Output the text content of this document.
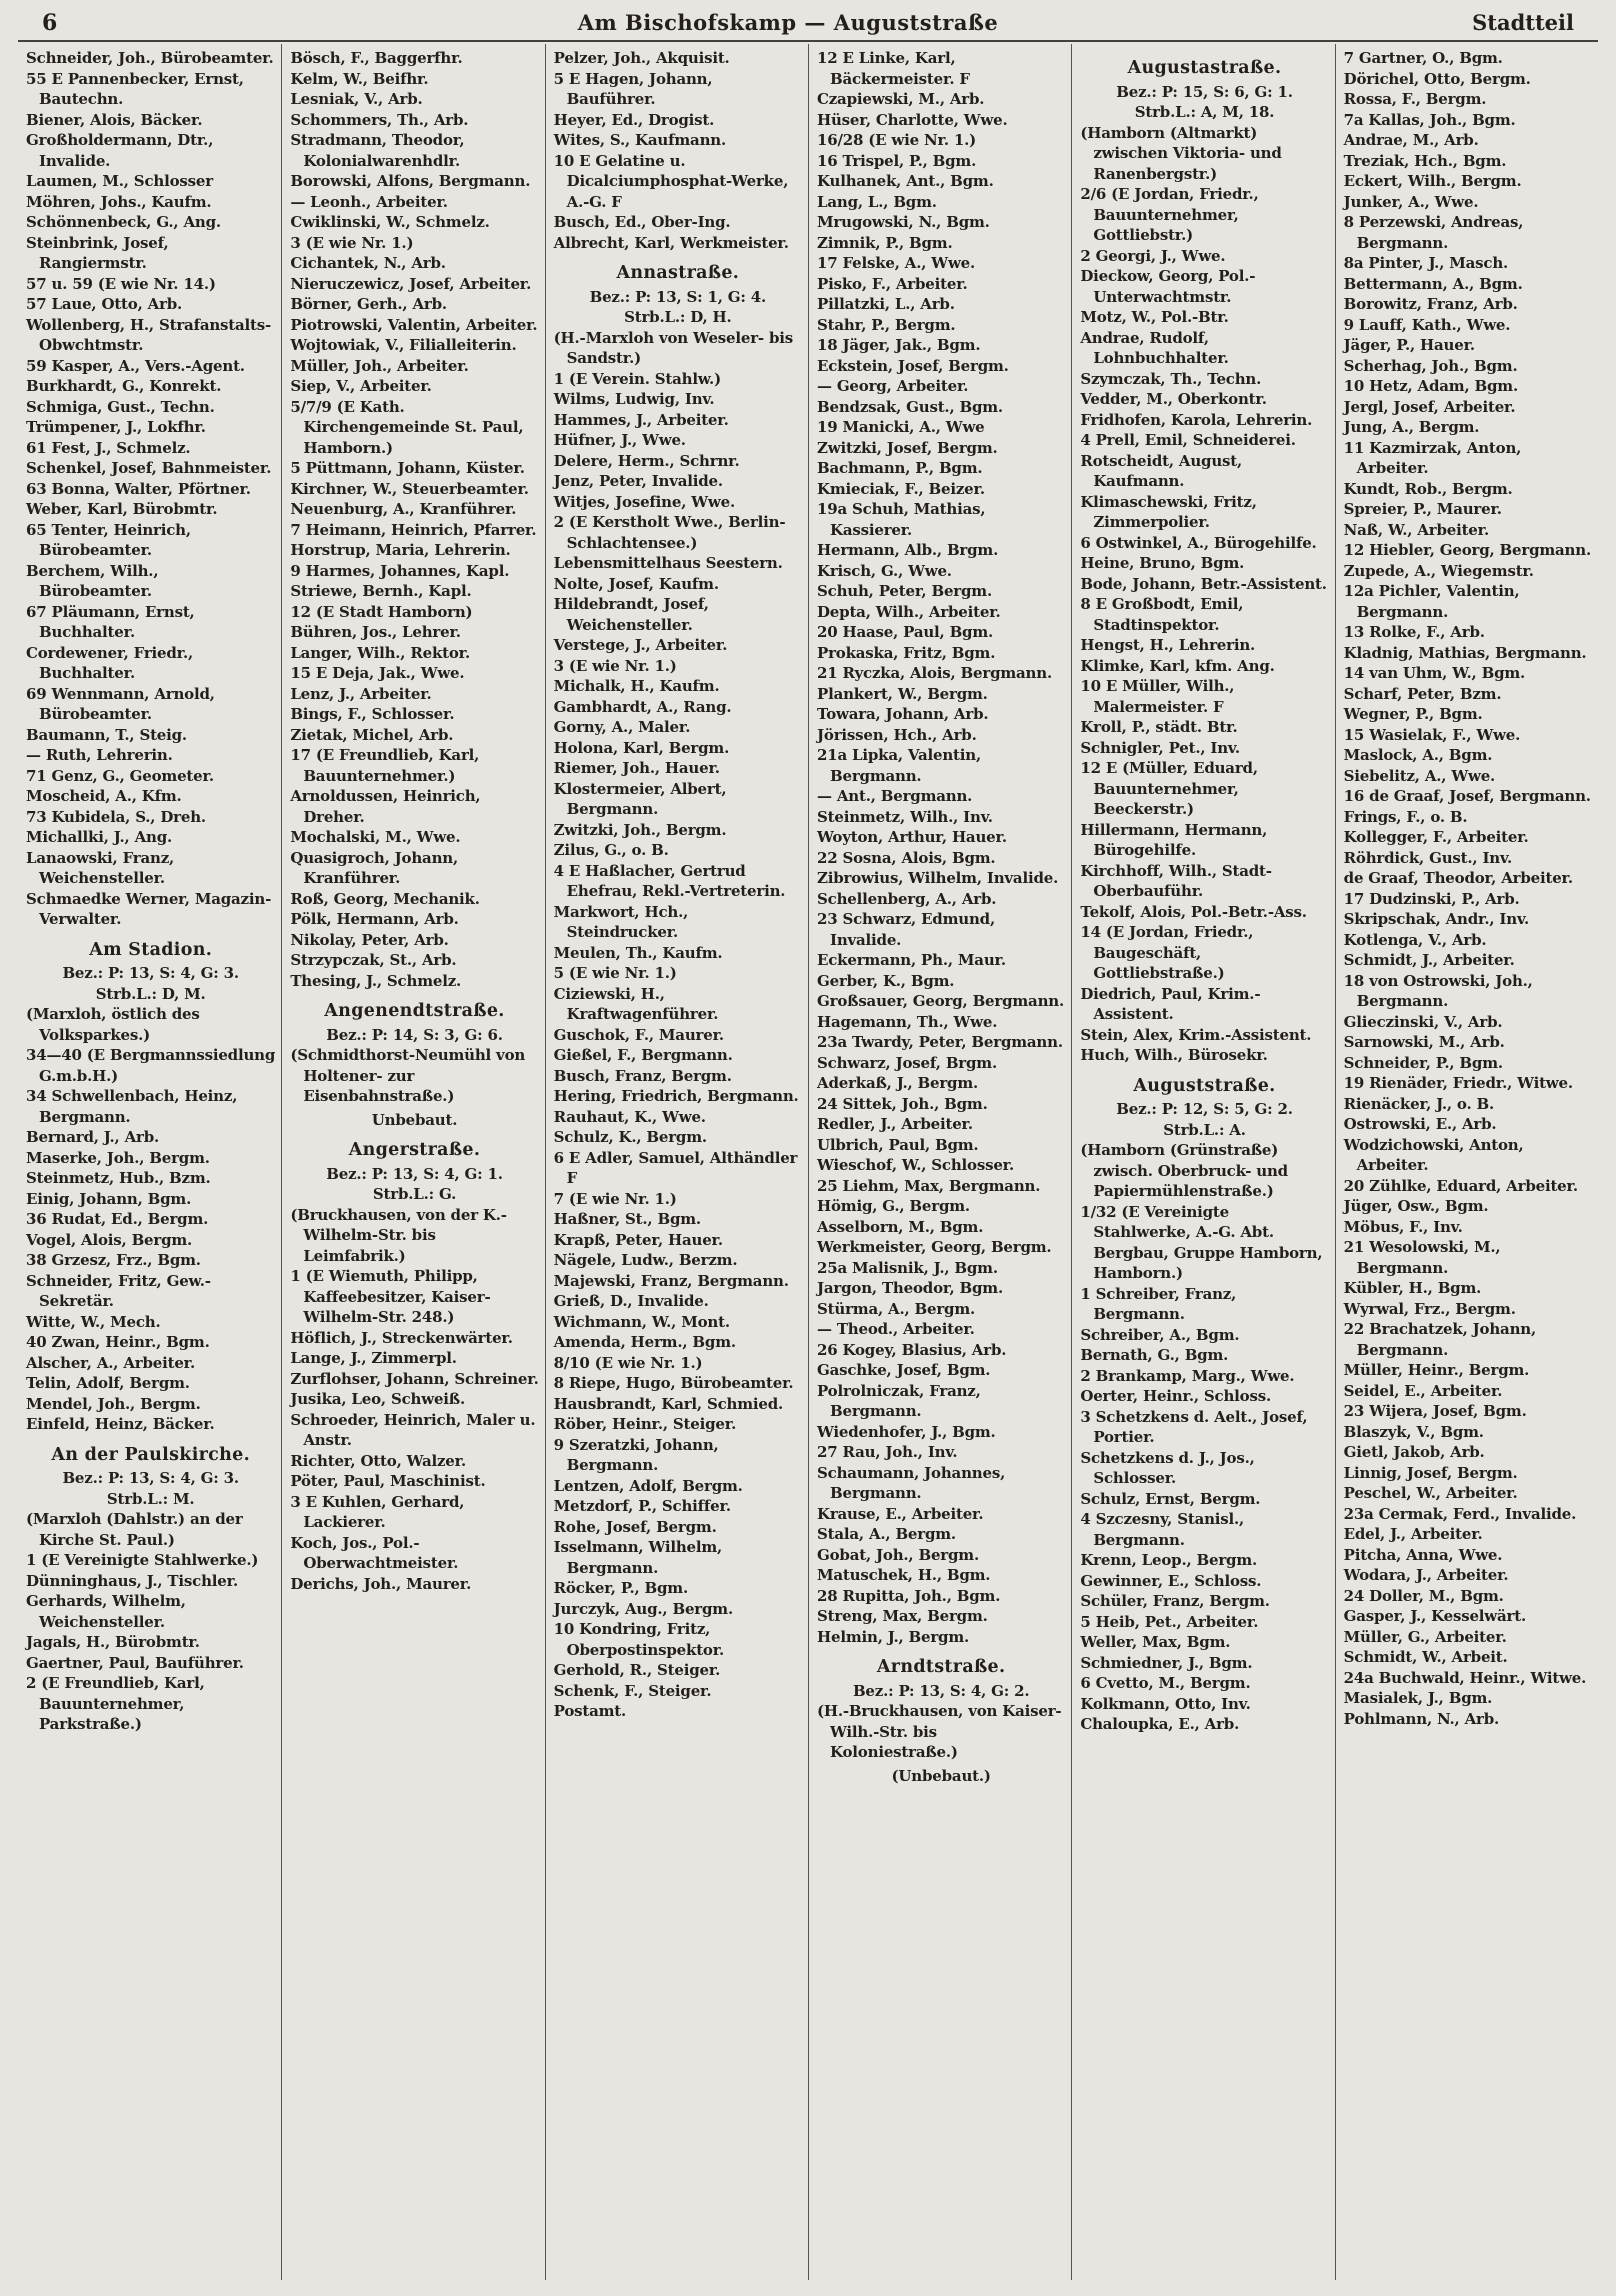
6	Am Bischofskamp — Auguststraße	Stadtteil
Schneider, Joh., Bürobeamter.
55 E Pannenbecker, Ernst, Bautechn.
Biener, Alois, Bäcker.
Großholdermann, Dtr., Invalide.
Laumen, M., Schlosser
Möhren, Johs., Kaufm.
Schönnenbeck, G., Ang.
Steinbrink, Josef, Rangiermstr.
57 u. 59 (E wie Nr. 14.)
57 Laue, Otto, Arb.
Wollenberg, H., Strafanstalts-Obwchtmstr.
59 Kasper, A., Vers.-Agent.
Burkhardt, G., Konrekt.
Schmiga, Gust., Techn.
Trümpener, J., Lokfhr.
61 Fest, J., Schmelz.
Schenkel, Josef, Bahnmeister.
63 Bonna, Walter, Pförtner.
Weber, Karl, Bürobmtr.
65 Tenter, Heinrich, Bürobeamter.
Berchem, Wilh., Bürobeamter.
67 Pläumann, Ernst, Buchhalter.
Cordewener, Friedr., Buchhalter.
69 Wennmann, Arnold, Bürobeamter.
Baumann, T., Steig.
— Ruth, Lehrerin.
71 Genz, G., Geometer.
Moscheid, A., Kfm.
73 Kubidela, S., Dreh.
Michallki, J., Ang.
Lanaowski, Franz, Weichensteller.
Schmaedke Werner, Magazin-Verwalter.
Am Stadion.
Bez.: P: 13, S: 4, G: 3.
Strb.L.: D, M.
(Marxloh, östlich des Volksparkes.)
34—40 (E Bergmannssiedlung G.m.b.H.)
34 Schwellenbach, Heinz, Bergmann.
Bernard, J., Arb.
Maserke, Joh., Bergm.
Steinmetz, Hub., Bzm.
Einig, Johann, Bgm.
36 Rudat, Ed., Bergm.
Vogel, Alois, Bergm.
38 Grzesz, Frz., Bgm.
Schneider, Fritz, Gew.-Sekretär.
Witte, W., Mech.
40 Zwan, Heinr., Bgm.
Alscher, A., Arbeiter.
Telin, Adolf, Bergm.
Mendel, Joh., Bergm.
Einfeld, Heinz, Bäcker.
An der Paulskirche.
Bez.: P: 13, S: 4, G: 3.
Strb.L.: M.
(Marxloh (Dahlstr.) an der Kirche St. Paul.)
1 (E Vereinigte Stahlwerke.)
Dünninghaus, J., Tischler.
Gerhards, Wilhelm, Weichensteller.
Jagals, H., Bürobmtr.
Gaertner, Paul, Bauführer.
2 (E Freundlieb, Karl, Bauunternehmer, Parkstraße.)
Bösch, F., Baggerfhr.
Kelm, W., Beifhr.
Lesniak, V., Arb.
Schommers, Th., Arb.
Stradmann, Theodor, Kolonialwarenhdlr.
Borowski, Alfons, Bergmann.
— Leonh., Arbeiter.
Cwiklinski, W., Schmelz.
3 (E wie Nr. 1.)
Cichantek, N., Arb.
Nieruczewicz, Josef, Arbeiter.
Börner, Gerh., Arb.
Piotrowski, Valentin, Arbeiter.
Wojtowiak, V., Filialleiterin.
Müller, Joh., Arbeiter.
Siep, V., Arbeiter.
5/7/9 (E Kath. Kirchengemeinde St. Paul, Hamborn.)
5 Püttmann, Johann, Küster.
Kirchner, W., Steuerbeamter.
Neuenburg, A., Kranführer.
7 Heimann, Heinrich, Pfarrer.
Horstrup, Maria, Lehrerin.
9 Harmes, Johannes, Kapl.
Striewe, Bernh., Kapl.
12 (E Stadt Hamborn)
Bühren, Jos., Lehrer.
Langer, Wilh., Rektor.
15 E Deja, Jak., Wwe.
Lenz, J., Arbeiter.
Bings, F., Schlosser.
Zietak, Michel, Arb.
17 (E Freundlieb, Karl, Bauunternehmer.)
Arnoldussen, Heinrich, Dreher.
Mochalski, M., Wwe.
Quasigroch, Johann, Kranführer.
Roß, Georg, Mechanik.
Pölk, Hermann, Arb.
Nikolay, Peter, Arb.
Strzypczak, St., Arb.
Thesing, J., Schmelz.
Angenendtstraße.
Bez.: P: 14, S: 3, G: 6.
(Schmidthorst-Neumühl von Holtener- zur Eisenbahnstraße.)
Unbebaut.
Angerstraße.
Bez.: P: 13, S: 4, G: 1.
Strb.L.: G.
(Bruckhausen, von der K.-Wilhelm-Str. bis Leimfabrik.)
1 (E Wiemuth, Philipp, Kaffeebesitzer, Kaiser-Wilhelm-Str. 248.)
Höflich, J., Streckenwärter.
Lange, J., Zimmerpl.
Zurflohser, Johann, Schreiner.
Jusika, Leo, Schweiß.
Schroeder, Heinrich, Maler u. Anstr.
Richter, Otto, Walzer.
Pöter, Paul, Maschinist.
3 E Kuhlen, Gerhard, Lackierer.
Koch, Jos., Pol.-Oberwachtmeister.
Derichs, Joh., Maurer.
Pelzer, Joh., Akquisit.
5 E Hagen, Johann, Bauführer.
Heyer, Ed., Drogist.
Wites, S., Kaufmann.
10 E Gelatine u. Dicalciumphosphat-Werke, A.-G. F
Busch, Ed., Ober-Ing.
Albrecht, Karl, Werkmeister.
Annastraße.
Bez.: P: 13, S: 1, G: 4.
Strb.L.: D, H.
(H.-Marxloh von Weseler- bis Sandstr.)
1 (E Verein. Stahlw.)
Wilms, Ludwig, Inv.
Hammes, J., Arbeiter.
Hüfner, J., Wwe.
Delere, Herm., Schrnr.
Jenz, Peter, Invalide.
Witjes, Josefine, Wwe.
2 (E Kerstholt Wwe., Berlin-Schlachtensee.)
Lebensmittelhaus Seestern.
Nolte, Josef, Kaufm.
Hildebrandt, Josef, Weichensteller.
Verstege, J., Arbeiter.
3 (E wie Nr. 1.)
Michalk, H., Kaufm.
Gambhardt, A., Rang.
Gorny, A., Maler.
Holona, Karl, Bergm.
Riemer, Joh., Hauer.
Klostermeier, Albert, Bergmann.
Zwitzki, Joh., Bergm.
Zilus, G., o. B.
4 E Haßlacher, Gertrud Ehefrau, Rekl.-Vertreterin.
Markwort, Hch., Steindrucker.
Meulen, Th., Kaufm.
5 (E wie Nr. 1.)
Ciziewski, H., Kraftwagenführer.
Guschok, F., Maurer.
Gießel, F., Bergmann.
Busch, Franz, Bergm.
Hering, Friedrich, Bergmann.
Rauhaut, K., Wwe.
Schulz, K., Bergm.
6 E Adler, Samuel, Althändler F
7 (E wie Nr. 1.)
Haßner, St., Bgm.
Krapß, Peter, Hauer.
Nägele, Ludw., Berzm.
Majewski, Franz, Bergmann.
Grieß, D., Invalide.
Wichmann, W., Mont.
Amenda, Herm., Bgm.
8/10 (E wie Nr. 1.)
8 Riepe, Hugo, Bürobeamter.
Hausbrandt, Karl, Schmied.
Röber, Heinr., Steiger.
9 Szeratzki, Johann, Bergmann.
Lentzen, Adolf, Bergm.
Metzdorf, P., Schiffer.
Rohe, Josef, Bergm.
Isselmann, Wilhelm, Bergmann.
Röcker, P., Bgm.
Jurczyk, Aug., Bergm.
10 Kondring, Fritz, Oberpostinspektor.
Gerhold, R., Steiger.
Schenk, F., Steiger.
Postamt.
12 E Linke, Karl, Bäckermeister. F
Czapiewski, M., Arb.
Hüser, Charlotte, Wwe.
16/28 (E wie Nr. 1.)
16 Trispel, P., Bgm.
Kulhanek, Ant., Bgm.
Lang, L., Bgm.
Mrugowski, N., Bgm.
Zimnik, P., Bgm.
17 Felske, A., Wwe.
Pisko, F., Arbeiter.
Pillatzki, L., Arb.
Stahr, P., Bergm.
18 Jäger, Jak., Bgm.
Eckstein, Josef, Bergm.
— Georg, Arbeiter.
Bendzsak, Gust., Bgm.
19 Manicki, A., Wwe
Zwitzki, Josef, Bergm.
Bachmann, P., Bgm.
Kmieciak, F., Beizer.
19a Schuh, Mathias, Kassierer.
Hermann, Alb., Brgm.
Krisch, G., Wwe.
Schuh, Peter, Bergm.
Depta, Wilh., Arbeiter.
20 Haase, Paul, Bgm.
Prokaska, Fritz, Bgm.
21 Ryczka, Alois, Bergmann.
Plankert, W., Bergm.
Towara, Johann, Arb.
Jörissen, Hch., Arb.
21a Lipka, Valentin, Bergmann.
— Ant., Bergmann.
Steinmetz, Wilh., Inv.
Woyton, Arthur, Hauer.
22 Sosna, Alois, Bgm.
Zibrowius, Wilhelm, Invalide.
Schellenberg, A., Arb.
23 Schwarz, Edmund, Invalide.
Eckermann, Ph., Maur.
Gerber, K., Bgm.
Großsauer, Georg, Bergmann.
Hagemann, Th., Wwe.
23a Twardy, Peter, Bergmann.
Schwarz, Josef, Brgm.
Aderkaß, J., Bergm.
24 Sittek, Joh., Bgm.
Redler, J., Arbeiter.
Ulbrich, Paul, Bgm.
Wieschof, W., Schlosser.
25 Liehm, Max, Bergmann.
Hömig, G., Bergm.
Asselborn, M., Bgm.
Werkmeister, Georg, Bergm.
25a Malisnik, J., Bgm.
Jargon, Theodor, Bgm.
Stürma, A., Bergm.
— Theod., Arbeiter.
26 Kogey, Blasius, Arb.
Gaschke, Josef, Bgm.
Polrolniczak, Franz, Bergmann.
Wiedenhofer, J., Bgm.
27 Rau, Joh., Inv.
Schaumann, Johannes, Bergmann.
Krause, E., Arbeiter.
Stala, A., Bergm.
Gobat, Joh., Bergm.
Matuschek, H., Bgm.
28 Rupitta, Joh., Bgm.
Streng, Max, Bergm.
Helmin, J., Bergm.
Arndtstraße.
Bez.: P: 13, S: 4, G: 2.
(H.-Bruckhausen, von Kaiser-Wilh.-Str. bis Koloniestraße.)
(Unbebaut.)
Augustastraße.
Bez.: P: 15, S: 6, G: 1.
Strb.L.: A, M, 18.
(Hamborn (Altmarkt) zwischen Viktoria- und Ranenbergstr.)
2/6 (E Jordan, Friedr., Bauunternehmer, Gottliebstr.)
2 Georgi, J., Wwe.
Dieckow, Georg, Pol.-Unterwachtmstr.
Motz, W., Pol.-Btr.
Andrae, Rudolf, Lohnbuchhalter.
Szymczak, Th., Techn.
Vedder, M., Oberkontr.
Fridhofen, Karola, Lehrerin.
4 Prell, Emil, Schneiderei.
Rotscheidt, August, Kaufmann.
Klimaschewski, Fritz, Zimmerpolier.
6 Ostwinkel, A., Bürogehilfe.
Heine, Bruno, Bgm.
Bode, Johann, Betr.-Assistent.
8 E Großbodt, Emil, Stadtinspektor.
Hengst, H., Lehrerin.
Klimke, Karl, kfm. Ang.
10 E Müller, Wilh., Malermeister. F
Kroll, P., städt. Btr.
Schnigler, Pet., Inv.
12 E (Müller, Eduard, Bauunternehmer, Beeckerstr.)
Hillermann, Hermann, Bürogehilfe.
Kirchhoff, Wilh., Stadt-Oberbauführ.
Tekolf, Alois, Pol.-Betr.-Ass.
14 (E Jordan, Friedr., Baugeschäft, Gottliebstraße.)
Diedrich, Paul, Krim.-Assistent.
Stein, Alex, Krim.-Assistent.
Huch, Wilh., Bürosekr.
Auguststraße.
Bez.: P: 12, S: 5, G: 2.
Strb.L.: A.
(Hamborn (Grünstraße) zwisch. Oberbruck- und Papiermühlenstraße.)
1/32 (E Vereinigte Stahlwerke, A.-G. Abt. Bergbau, Gruppe Hamborn, Hamborn.)
1 Schreiber, Franz, Bergmann.
Schreiber, A., Bgm.
Bernath, G., Bgm.
2 Brankamp, Marg., Wwe.
Oerter, Heinr., Schloss.
3 Schetzkens d. Aelt., Josef, Portier.
Schetzkens d. J., Jos., Schlosser.
Schulz, Ernst, Bergm.
4 Szczesny, Stanisl., Bergmann.
Krenn, Leop., Bergm.
Gewinner, E., Schloss.
Schüler, Franz, Bergm.
5 Heib, Pet., Arbeiter.
Weller, Max, Bgm.
Schmiedner, J., Bgm.
6 Cvetto, M., Bergm.
Kolkmann, Otto, Inv.
Chaloupka, E., Arb.
7 Gartner, O., Bgm.
Dörichel, Otto, Bergm.
Rossa, F., Bergm.
7a Kallas, Joh., Bgm.
Andrae, M., Arb.
Treziak, Hch., Bgm.
Eckert, Wilh., Bergm.
Junker, A., Wwe.
8 Perzewski, Andreas, Bergmann.
8a Pinter, J., Masch.
Bettermann, A., Bgm.
Borowitz, Franz, Arb.
9 Lauff, Kath., Wwe.
Jäger, P., Hauer.
Scherhag, Joh., Bgm.
10 Hetz, Adam, Bgm.
Jergl, Josef, Arbeiter.
Jung, A., Bergm.
11 Kazmirzak, Anton, Arbeiter.
Kundt, Rob., Bergm.
Spreier, P., Maurer.
Naß, W., Arbeiter.
12 Hiebler, Georg, Bergmann.
Zupede, A., Wiegemstr.
12a Pichler, Valentin, Bergmann.
13 Rolke, F., Arb.
Kladnig, Mathias, Bergmann.
14 van Uhm, W., Bgm.
Scharf, Peter, Bzm.
Wegner, P., Bgm.
15 Wasielak, F., Wwe.
Maslock, A., Bgm.
Siebelitz, A., Wwe.
16 de Graaf, Josef, Bergmann.
Frings, F., o. B.
Kollegger, F., Arbeiter.
Röhrdick, Gust., Inv.
de Graaf, Theodor, Arbeiter.
17 Dudzinski, P., Arb.
Skripschak, Andr., Inv.
Kotlenga, V., Arb.
Schmidt, J., Arbeiter.
18 von Ostrowski, Joh., Bergmann.
Glieczinski, V., Arb.
Sarnowski, M., Arb.
Schneider, P., Bgm.
19 Rienäder, Friedr., Witwe.
Rienäcker, J., o. B.
Ostrowski, E., Arb.
Wodzichowski, Anton, Arbeiter.
20 Zühlke, Eduard, Arbeiter.
Jüger, Osw., Bgm.
Möbus, F., Inv.
21 Wesolowski, M., Bergmann.
Kübler, H., Bgm.
Wyrwal, Frz., Bergm.
22 Brachatzek, Johann, Bergmann.
Müller, Heinr., Bergm.
Seidel, E., Arbeiter.
23 Wijera, Josef, Bgm.
Blaszyk, V., Bgm.
Gietl, Jakob, Arb.
Linnig, Josef, Bergm.
Peschel, W., Arbeiter.
23a Cermak, Ferd., Invalide.
Edel, J., Arbeiter.
Pitcha, Anna, Wwe.
Wodara, J., Arbeiter.
24 Doller, M., Bgm.
Gasper, J., Kesselwärt.
Müller, G., Arbeiter.
Schmidt, W., Arbeit.
24a Buchwald, Heinr., Witwe.
Masialek, J., Bgm.
Pohlmann, N., Arb.
